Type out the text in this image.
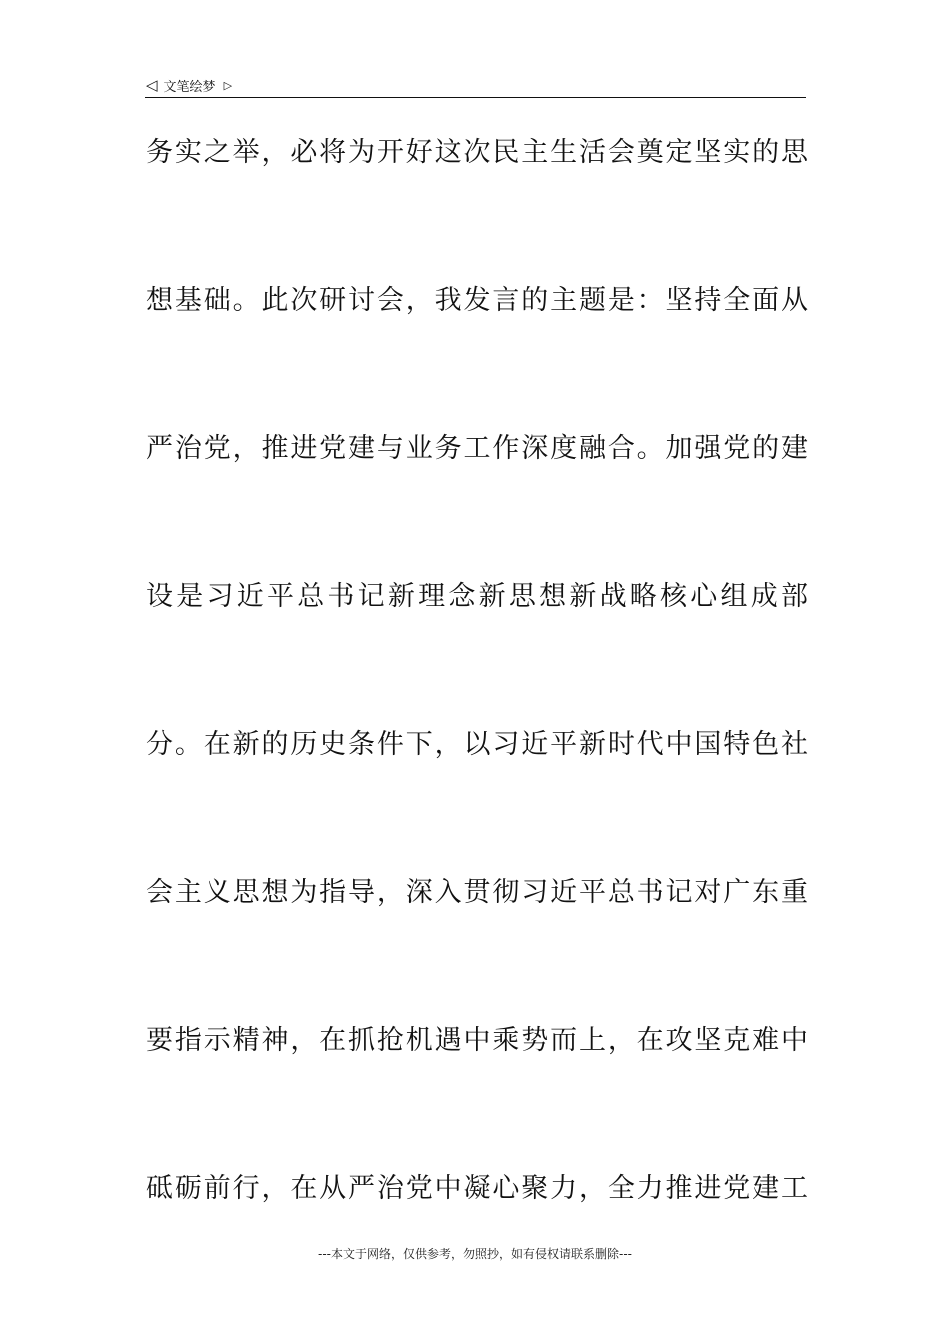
◁ 文笔绘梦 ▷
务实之举，必将为开好这次民主生活会奠定坚实的思
想基础。此次研讨会，我发言的主题是：坚持全面从
严治党，推进党建与业务工作深度融合。加强党的建
设是习近平总书记新理念新思想新战略核心组成部
分。在新的历史条件下，以习近平新时代中国特色社
会主义思想为指导，深入贯彻习近平总书记对广东重
要指示精神，在抓抢机遇中乘势而上，在攻坚克难中
砥砺前行，在从严治党中凝心聚力，全力推进党建工
---本文于网络，仅供参考，勿照抄，如有侵权请联系删除---
